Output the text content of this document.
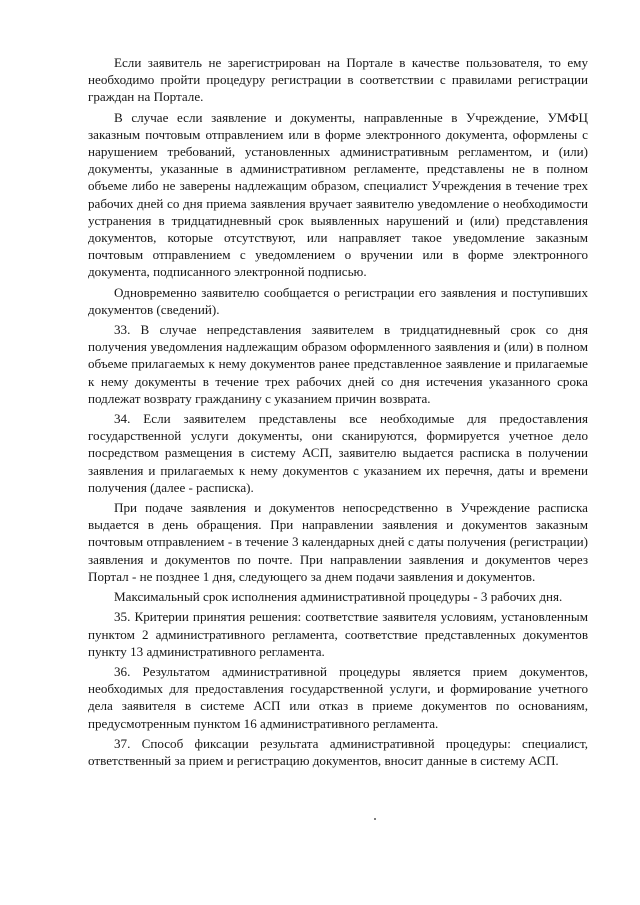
Если заявитель не зарегистрирован на Портале в качестве пользователя, то ему необходимо пройти процедуру регистрации в соответствии с правилами регистрации граждан на Портале.

В случае если заявление и документы, направленные в Учреждение, УМФЦ заказным почтовым отправлением или в форме электронного документа, оформлены с нарушением требований, установленных административным регламентом, и (или) документы, указанные в административном регламенте, представлены не в полном объеме либо не заверены надлежащим образом, специалист Учреждения в течение трех рабочих дней со дня приема заявления вручает заявителю уведомление о необходимости устранения в тридцатидневный срок выявленных нарушений и (или) представления документов, которые отсутствуют, или направляет такое уведомление заказным почтовым отправлением с уведомлением о вручении или в форме электронного документа, подписанного электронной подписью.

Одновременно заявителю сообщается о регистрации его заявления и поступивших документов (сведений).

33. В случае непредставления заявителем в тридцатидневный срок со дня получения уведомления надлежащим образом оформленного заявления и (или) в полном объеме прилагаемых к нему документов ранее представленное заявление и прилагаемые к нему документы в течение трех рабочих дней со дня истечения указанного срока подлежат возврату гражданину с указанием причин возврата.

34. Если заявителем представлены все необходимые для предоставления государственной услуги документы, они сканируются, формируется учетное дело посредством размещения в систему АСП, заявителю выдается расписка в получении заявления и прилагаемых к нему документов с указанием их перечня, даты и времени получения (далее - расписка).

При подаче заявления и документов непосредственно в Учреждение расписка выдается в день обращения. При направлении заявления и документов заказным почтовым отправлением - в течение 3 календарных дней с даты получения (регистрации) заявления и документов по почте. При направлении заявления и документов через Портал - не позднее 1 дня, следующего за днем подачи заявления и документов.

Максимальный срок исполнения административной процедуры - 3 рабочих дня.

35. Критерии принятия решения: соответствие заявителя условиям, установленным пунктом 2 административного регламента, соответствие представленных документов пункту 13 административного регламента.

36. Результатом административной процедуры является прием документов, необходимых для предоставления государственной услуги, и формирование учетного дела заявителя в системе АСП или отказ в приеме документов по основаниям, предусмотренным пунктом 16 административного регламента.

37. Способ фиксации результата административной процедуры: специалист, ответственный за прием и регистрацию документов, вносит данные в систему АСП.
